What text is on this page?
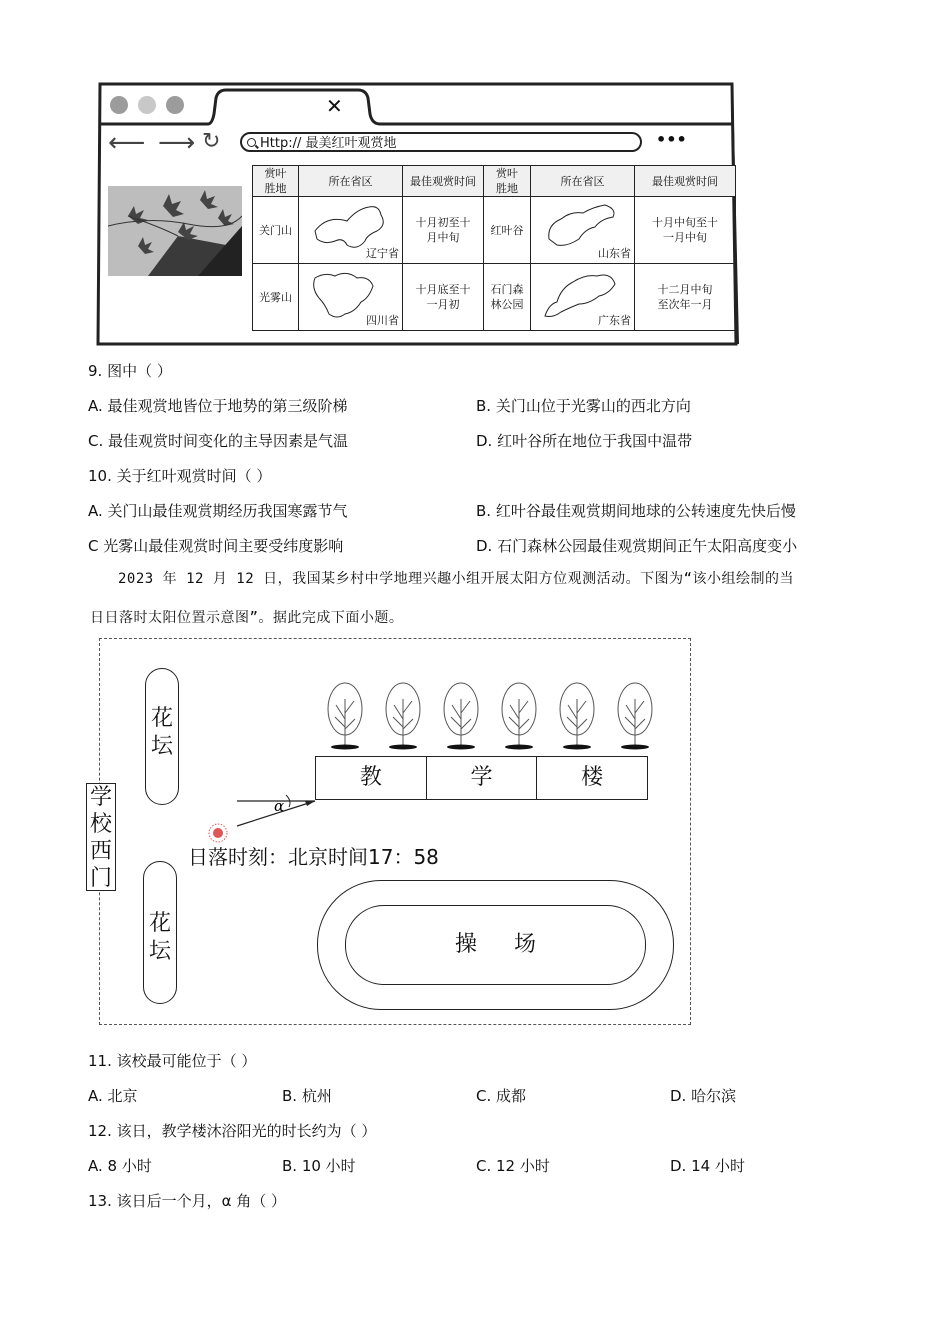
✕
⟵ ⟶ ↻	Http:// 最美红叶观赏地	•••
赏叶胜地	所在省区	最佳观赏时间	赏叶胜地	所在省区	最佳观赏时间
关门山	辽宁省	十月初至十月中旬	红叶谷	山东省	十月中旬至十一月中旬
光雾山	四川省	十月底至十一月初	石门森林公园	广东省	十二月中旬至次年一月
9. 图中（ ）
A. 最佳观赏地皆位于地势的第三级阶梯	B. 关门山位于光雾山的西北方向
C. 最佳观赏时间变化的主导因素是气温	D. 红叶谷所在地位于我国中温带
10. 关于红叶观赏时间（ ）
A. 关门山最佳观赏期经历我国寒露节气	B. 红叶谷最佳观赏期间地球的公转速度先快后慢
C 光雾山最佳观赏时间主要受纬度影响	D. 石门森林公园最佳观赏期间正午太阳高度变小
2023 年 12 月 12 日，我国某乡村中学地理兴趣小组开展太阳方位观测活动。下图为“该小组绘制的当
日日落时太阳位置示意图”。据此完成下面小题。
花
坛
花
坛
教	学	楼
α
日落时刻：北京时间17：58
操 场
学
校
西
门
11. 该校最可能位于（ ）
A. 北京	B. 杭州	C. 成都	D. 哈尔滨
12. 该日，教学楼沐浴阳光的时长约为（ ）
A. 8 小时	B. 10 小时	C. 12 小时	D. 14 小时
13. 该日后一个月，α 角（ ）
